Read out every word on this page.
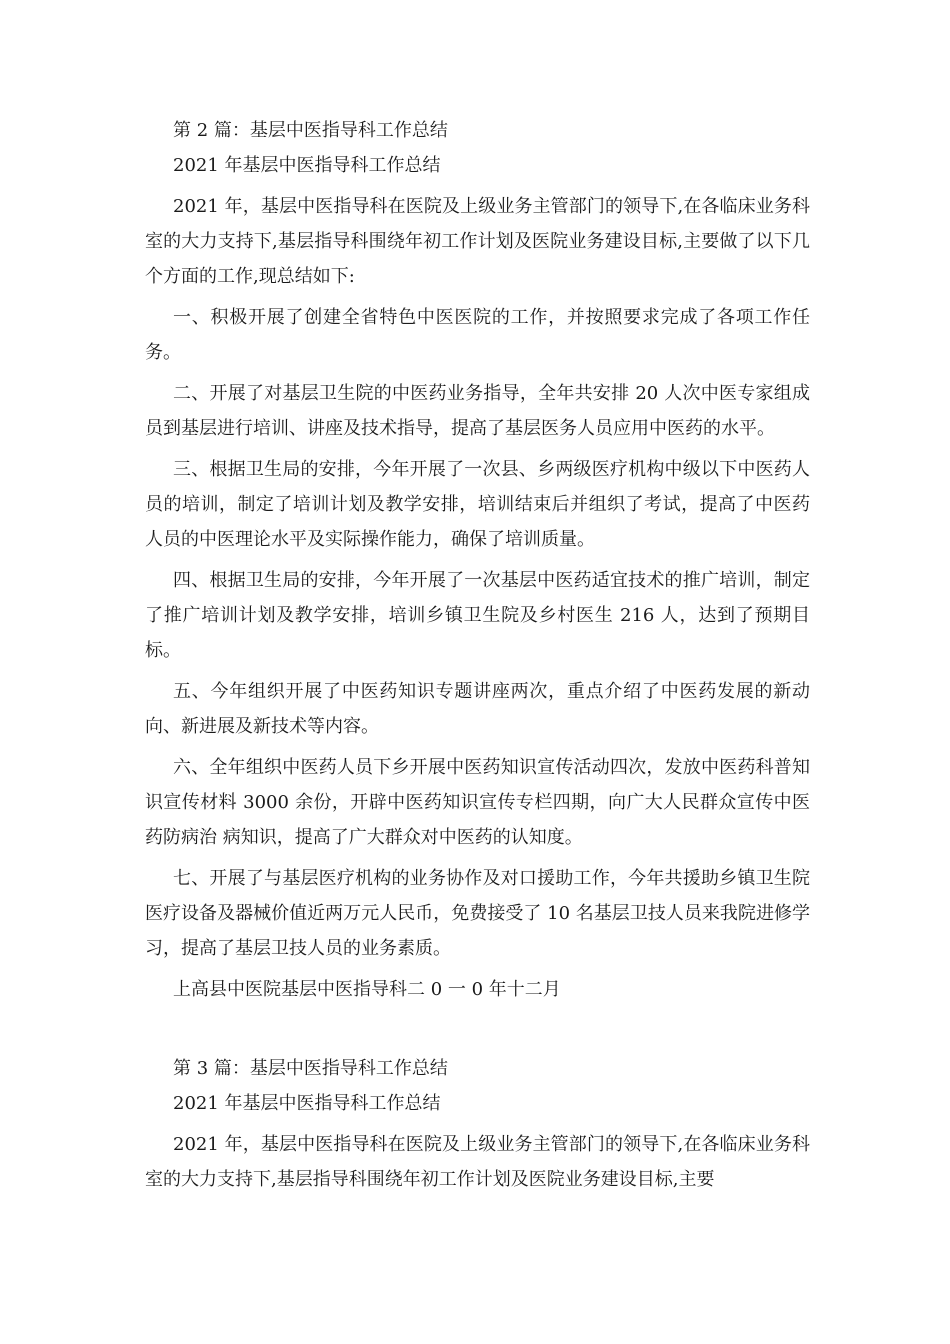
第 2 篇：基层中医指导科工作总结

2021 年基层中医指导科工作总结

2021 年，基层中医指导科在医院及上级业务主管部门的领导下,在各临床业务科室的大力支持下,基层指导科围绕年初工作计划及医院业务建设目标,主要做了以下几个方面的工作,现总结如下:

一、积极开展了创建全省特色中医医院的工作，并按照要求完成了各项工作任务。

二、开展了对基层卫生院的中医药业务指导，全年共安排 20 人次中医专家组成员到基层进行培训、讲座及技术指导，提高了基层医务人员应用中医药的水平。

三、根据卫生局的安排，今年开展了一次县、乡两级医疗机构中级以下中医药人员的培训，制定了培训计划及教学安排，培训结束后并组织了考试，提高了中医药人员的中医理论水平及实际操作能力，确保了培训质量。

四、根据卫生局的安排，今年开展了一次基层中医药适宜技术的推广培训，制定了推广培训计划及教学安排，培训乡镇卫生院及乡村医生 216 人，达到了预期目标。

五、今年组织开展了中医药知识专题讲座两次，重点介绍了中医药发展的新动向、新进展及新技术等内容。

六、全年组织中医药人员下乡开展中医药知识宣传活动四次，发放中医药科普知识宣传材料 3000 余份，开辟中医药知识宣传专栏四期，向广大人民群众宣传中医药防病治 病知识，提高了广大群众对中医药的认知度。

七、开展了与基层医疗机构的业务协作及对口援助工作，今年共援助乡镇卫生院医疗设备及器械价值近两万元人民币，免费接受了 10 名基层卫技人员来我院进修学习，提高了基层卫技人员的业务素质。

上高县中医院基层中医指导科二 0 一 0 年十二月

第 3 篇：基层中医指导科工作总结

2021 年基层中医指导科工作总结

2021 年，基层中医指导科在医院及上级业务主管部门的领导下,在各临床业务科室的大力支持下,基层指导科围绕年初工作计划及医院业务建设目标,主要
